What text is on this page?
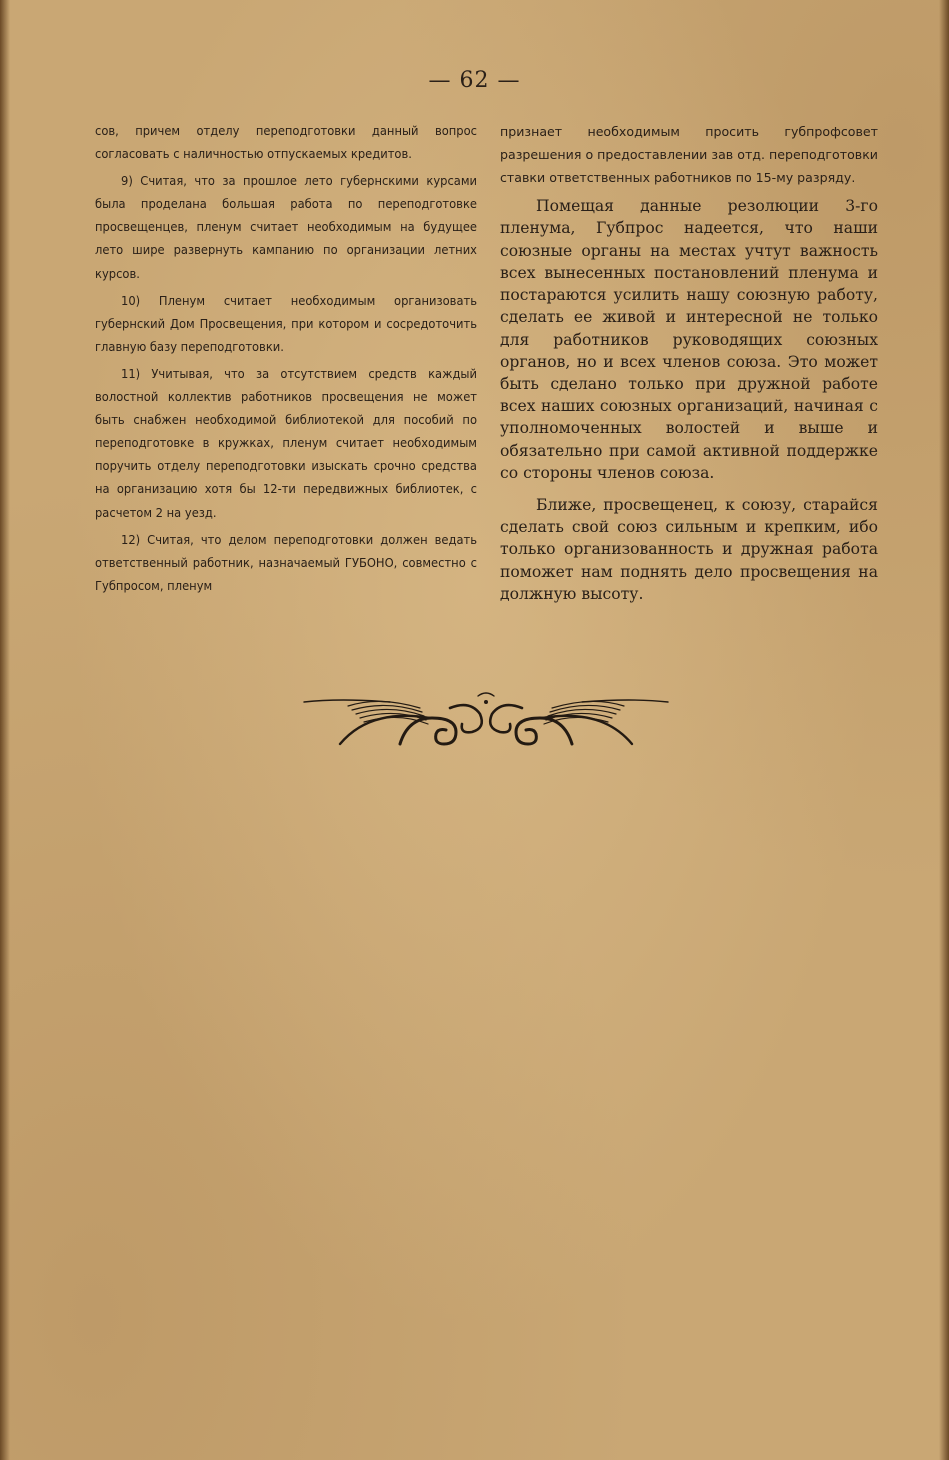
— 62 —

сов, причем отделу переподготовки данный вопрос согласовать с наличностью отпускаемых кредитов.

9) Считая, что за прошлое лето губернскими курсами была проделана большая работа по переподготовке просвещенцев, пленум считает необходимым на будущее лето шире развернуть кампанию по организации летних курсов.

10) Пленум считает необходимым организовать губернский Дом Просвещения, при котором и сосредоточить главную базу переподготовки.

11) Учитывая, что за отсутствием средств каждый волостной коллектив работников просвещения не может быть снабжен необходимой библиотекой для пособий по переподготовке в кружках, пленум считает необходимым поручить отделу переподготовки изыскать срочно средства на организацию хотя бы 12-ти передвижных библиотек, с расчетом 2 на уезд.

12) Считая, что делом переподготовки должен ведать ответственный работник, назначаемый ГУБОНО, совместно с Губпросом, пленум

признает необходимым просить губпрофсовет разрешения о предоставлении зав отд. переподготовки ставки ответственных работников по 15-му разряду.

Помещая данные резолюции 3-го пленума, Губпрос надеется, что наши союзные органы на местах учтут важность всех вынесенных постановлений пленума и постараются усилить нашу союзную работу, сделать ее живой и интересной не только для работников руководящих союзных органов, но и всех членов союза. Это может быть сделано только при дружной работе всех наших союзных организаций, начиная с уполномоченных волостей и выше и обязательно при самой активной поддержке со стороны членов союза.

Ближе, просвещенец, к союзу, старайся сделать свой союз сильным и крепким, ибо только организованность и дружная работа поможет нам поднять дело просвещения на должную высоту.
